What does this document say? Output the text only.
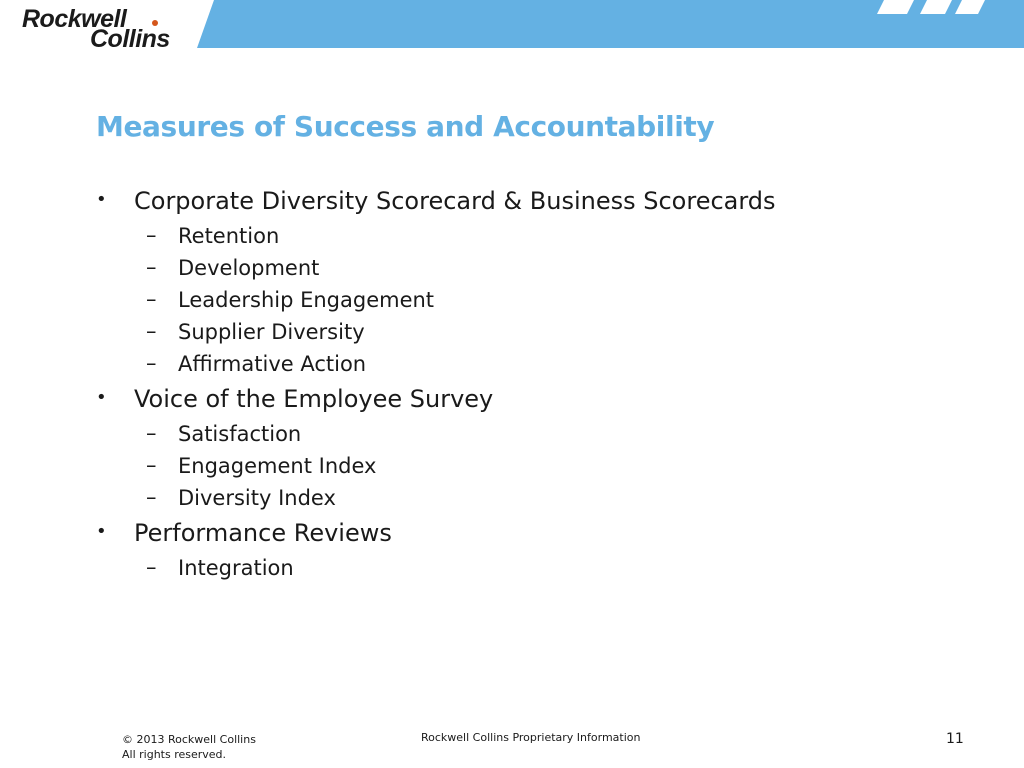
Rockwell
Collins
Measures of Success and Accountability
• Corporate Diversity Scorecard & Business Scorecards
– Retention
– Development
– Leadership Engagement
– Supplier Diversity
– Affirmative Action
• Voice of the Employee Survey
– Satisfaction
– Engagement Index
– Diversity Index
• Performance Reviews
– Integration
© 2013 Rockwell Collins
All rights reserved.
Rockwell Collins Proprietary Information	11
